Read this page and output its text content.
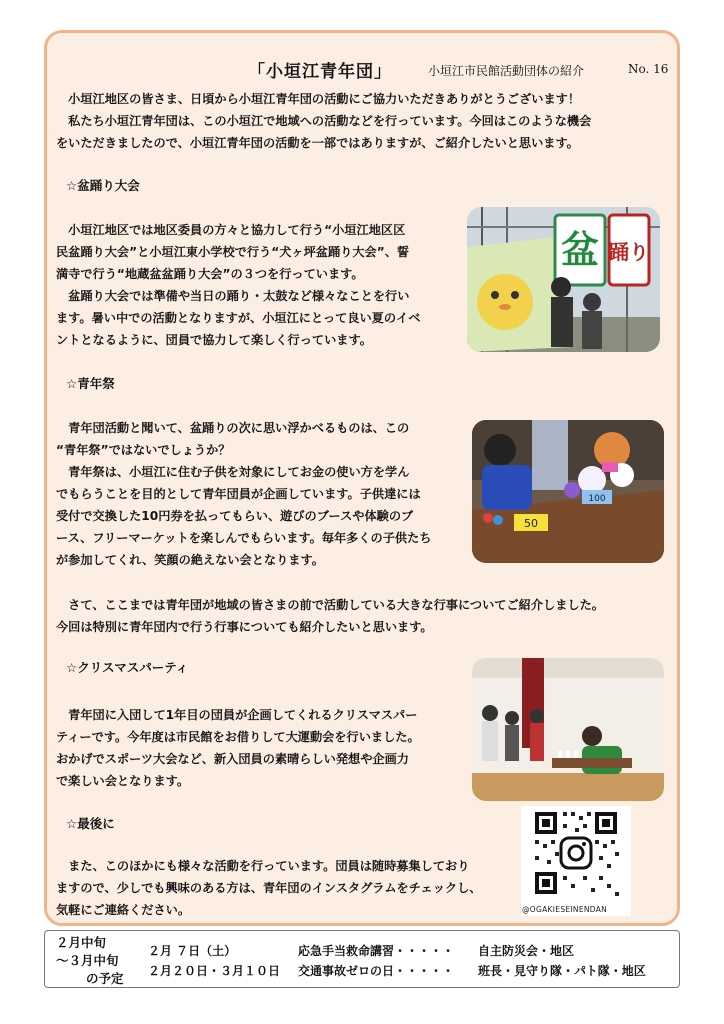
「小垣江青年団」	小垣江市民館活動団体の紹介	No. 16
　小垣江地区の皆さま、日頃から小垣江青年団の活動にご協力いただきありがとうございます！
　私たち小垣江青年団は、この小垣江で地域への活動などを行っています。今回はこのような機会
をいただきましたので、小垣江青年団の活動を一部ではありますが、ご紹介したいと思います。
☆盆踊り大会
　小垣江地区では地区委員の方々と協力して行う“小垣江地区区
民盆踊り大会”と小垣江東小学校で行う“犬ヶ坪盆踊り大会”、誓
満寺で行う“地蔵盆盆踊り大会”の３つを行っています。
　盆踊り大会では準備や当日の踊り・太鼓など様々なことを行い
ます。暑い中での活動となりますが、小垣江にとって良い夏のイベ
ントとなるように、団員で協力して楽しく行っています。
盆 踊り
☆青年祭
　青年団活動と聞いて、盆踊りの次に思い浮かべるものは、この
“青年祭”ではないでしょうか？
　青年祭は、小垣江に住む子供を対象にしてお金の使い方を学ん
でもらうことを目的として青年団員が企画しています。子供達には
受付で交換した10円券を払ってもらい、遊びのブースや体験のブ
ース、フリーマーケットを楽しんでもらいます。毎年多くの子供たち
が参加してくれ、笑顔の絶えない会となります。
50
100
　さて、ここまでは青年団が地域の皆さまの前で活動している大きな行事についてご紹介しました。
今回は特別に青年団内で行う行事についても紹介したいと思います。
☆クリスマスパーティ
　青年団に入団して1年目の団員が企画してくれるクリスマスパー
ティーです。今年度は市民館をお借りして大運動会を行いました。
おかげでスポーツ大会など、新入団員の素晴らしい発想や企画力
で楽しい会となります。
☆最後に
　また、このほかにも様々な活動を行っています。団員は随時募集しており
ますので、少しでも興味のある方は、青年団のインスタグラムをチェックし、
気軽にご連絡ください。	@OGAKIESEINENDAN
２月中旬
～３月中旬
の予定
２月 ７日（土）	応急手当救命講習・・・・・ 自主防災会・地区
２月２０日・３月１０日 交通事故ゼロの日・・・・・ 班長・見守り隊・パト隊・地区
